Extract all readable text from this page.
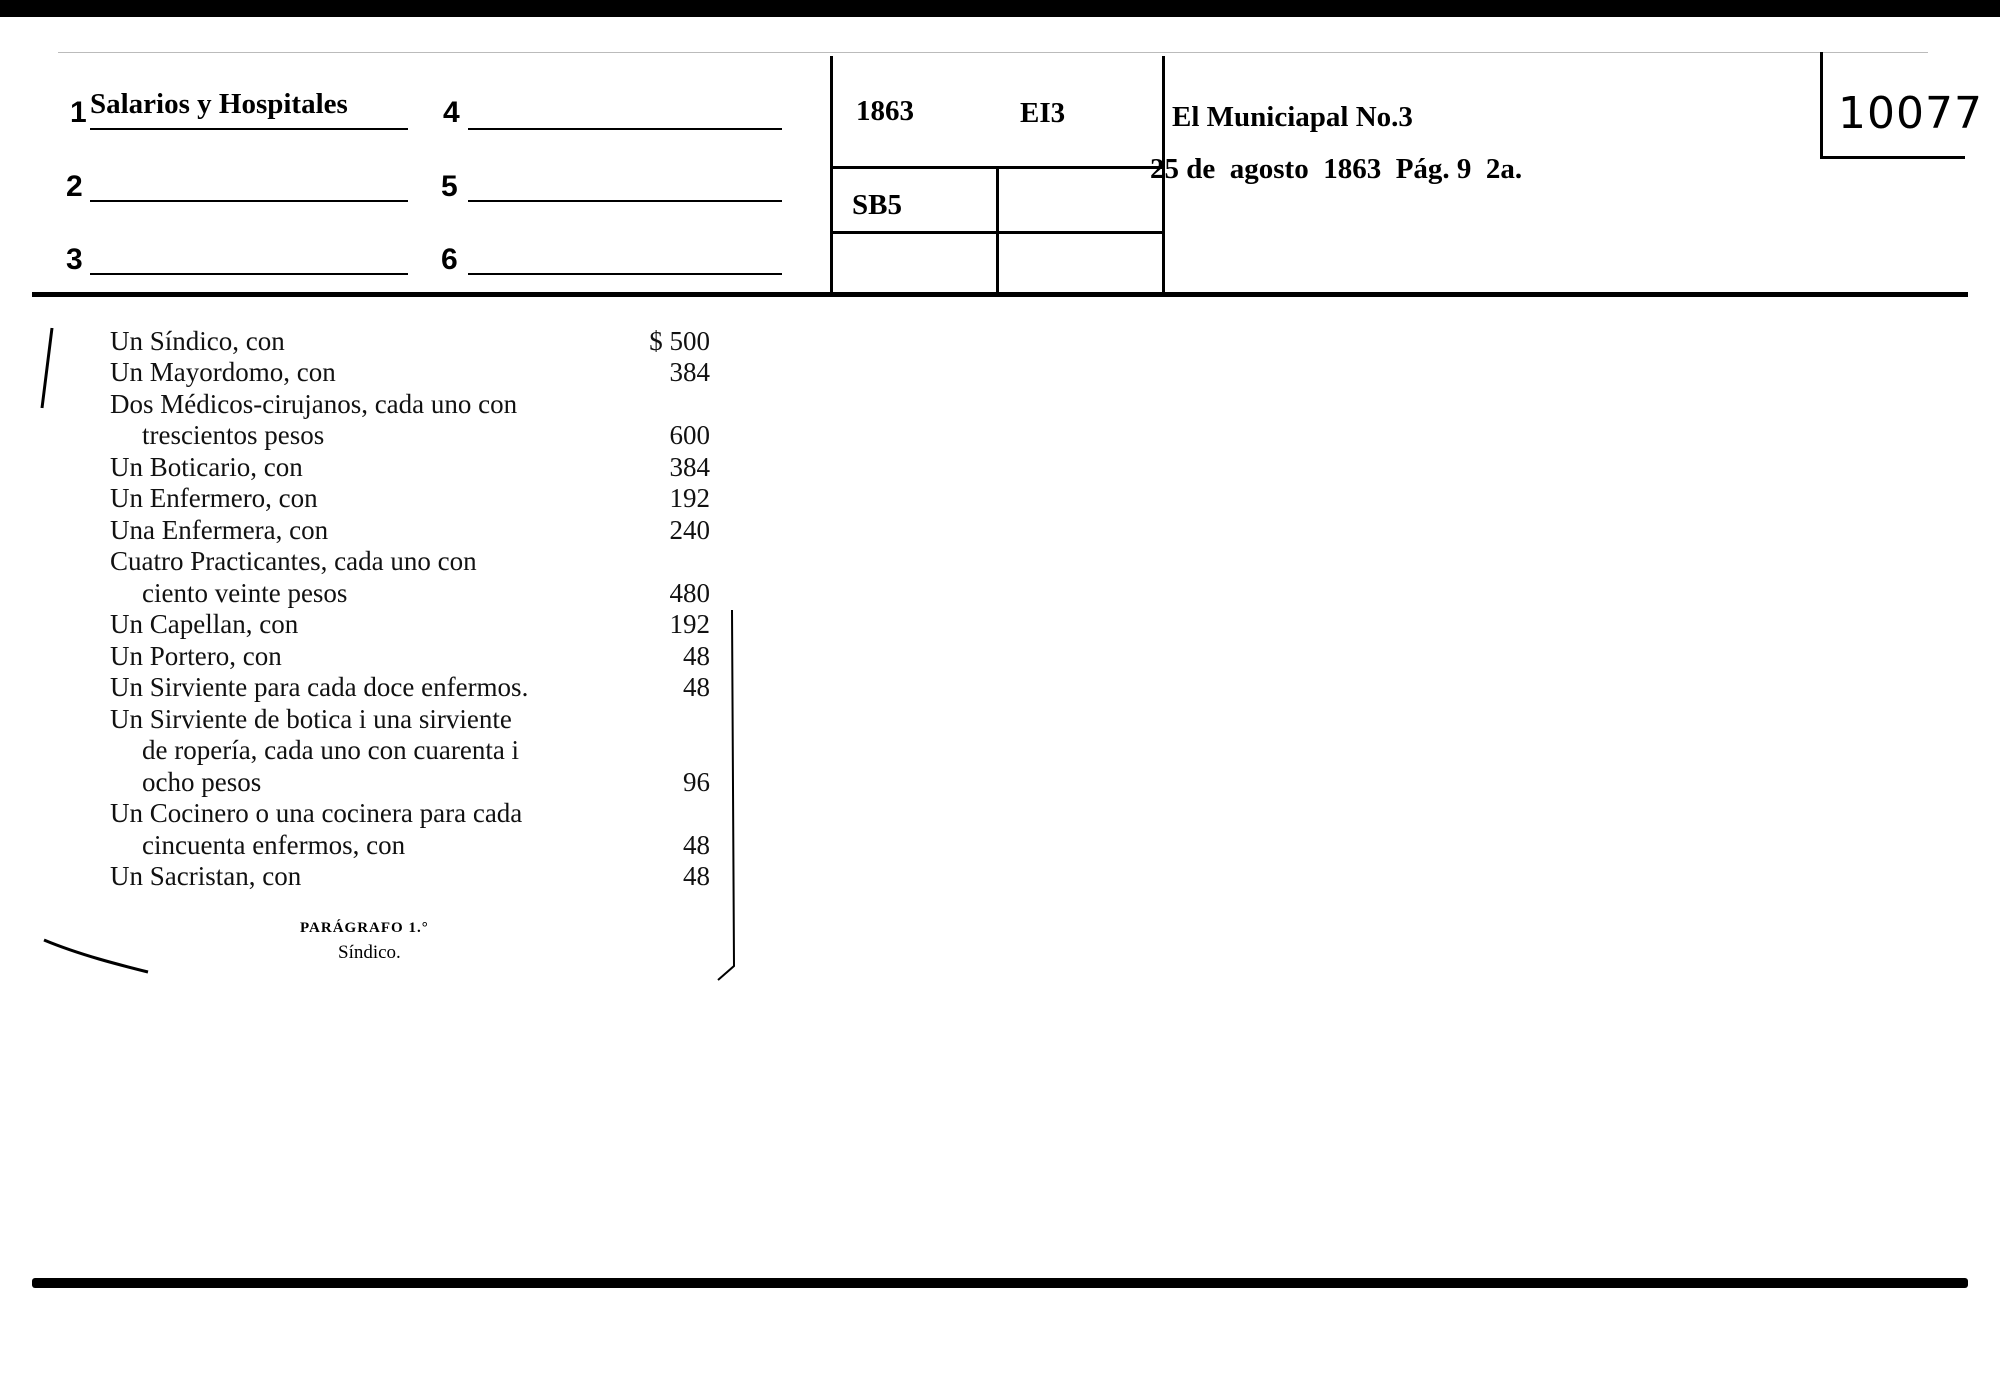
1 Salarios y Hospitales	4
2	5
3	6
1863	EI3
SB5
El Municiapal No.3
25 de  agosto  1863  Pág. 9  2a.
10077
Un Síndico, con	$ 500
Un Mayordomo, con	384
Dos Médicos-cirujanos, cada uno con
trescientos pesos	600
Un Boticario, con	384
Un Enfermero, con	192
Una Enfermera, con	240
Cuatro Practicantes, cada uno con
ciento veinte pesos	480
Un Capellan, con	192
Un Portero, con	48
Un Sirviente para cada doce enfermos.	48
Un Sirviente de botica i una sirviente
de ropería, cada uno con cuarenta i
ocho pesos	96
Un Cocinero o una cocinera para cada
cincuenta enfermos, con	48
Un Sacristan, con	48
PARÁGRAFO 1.°
Síndico.
